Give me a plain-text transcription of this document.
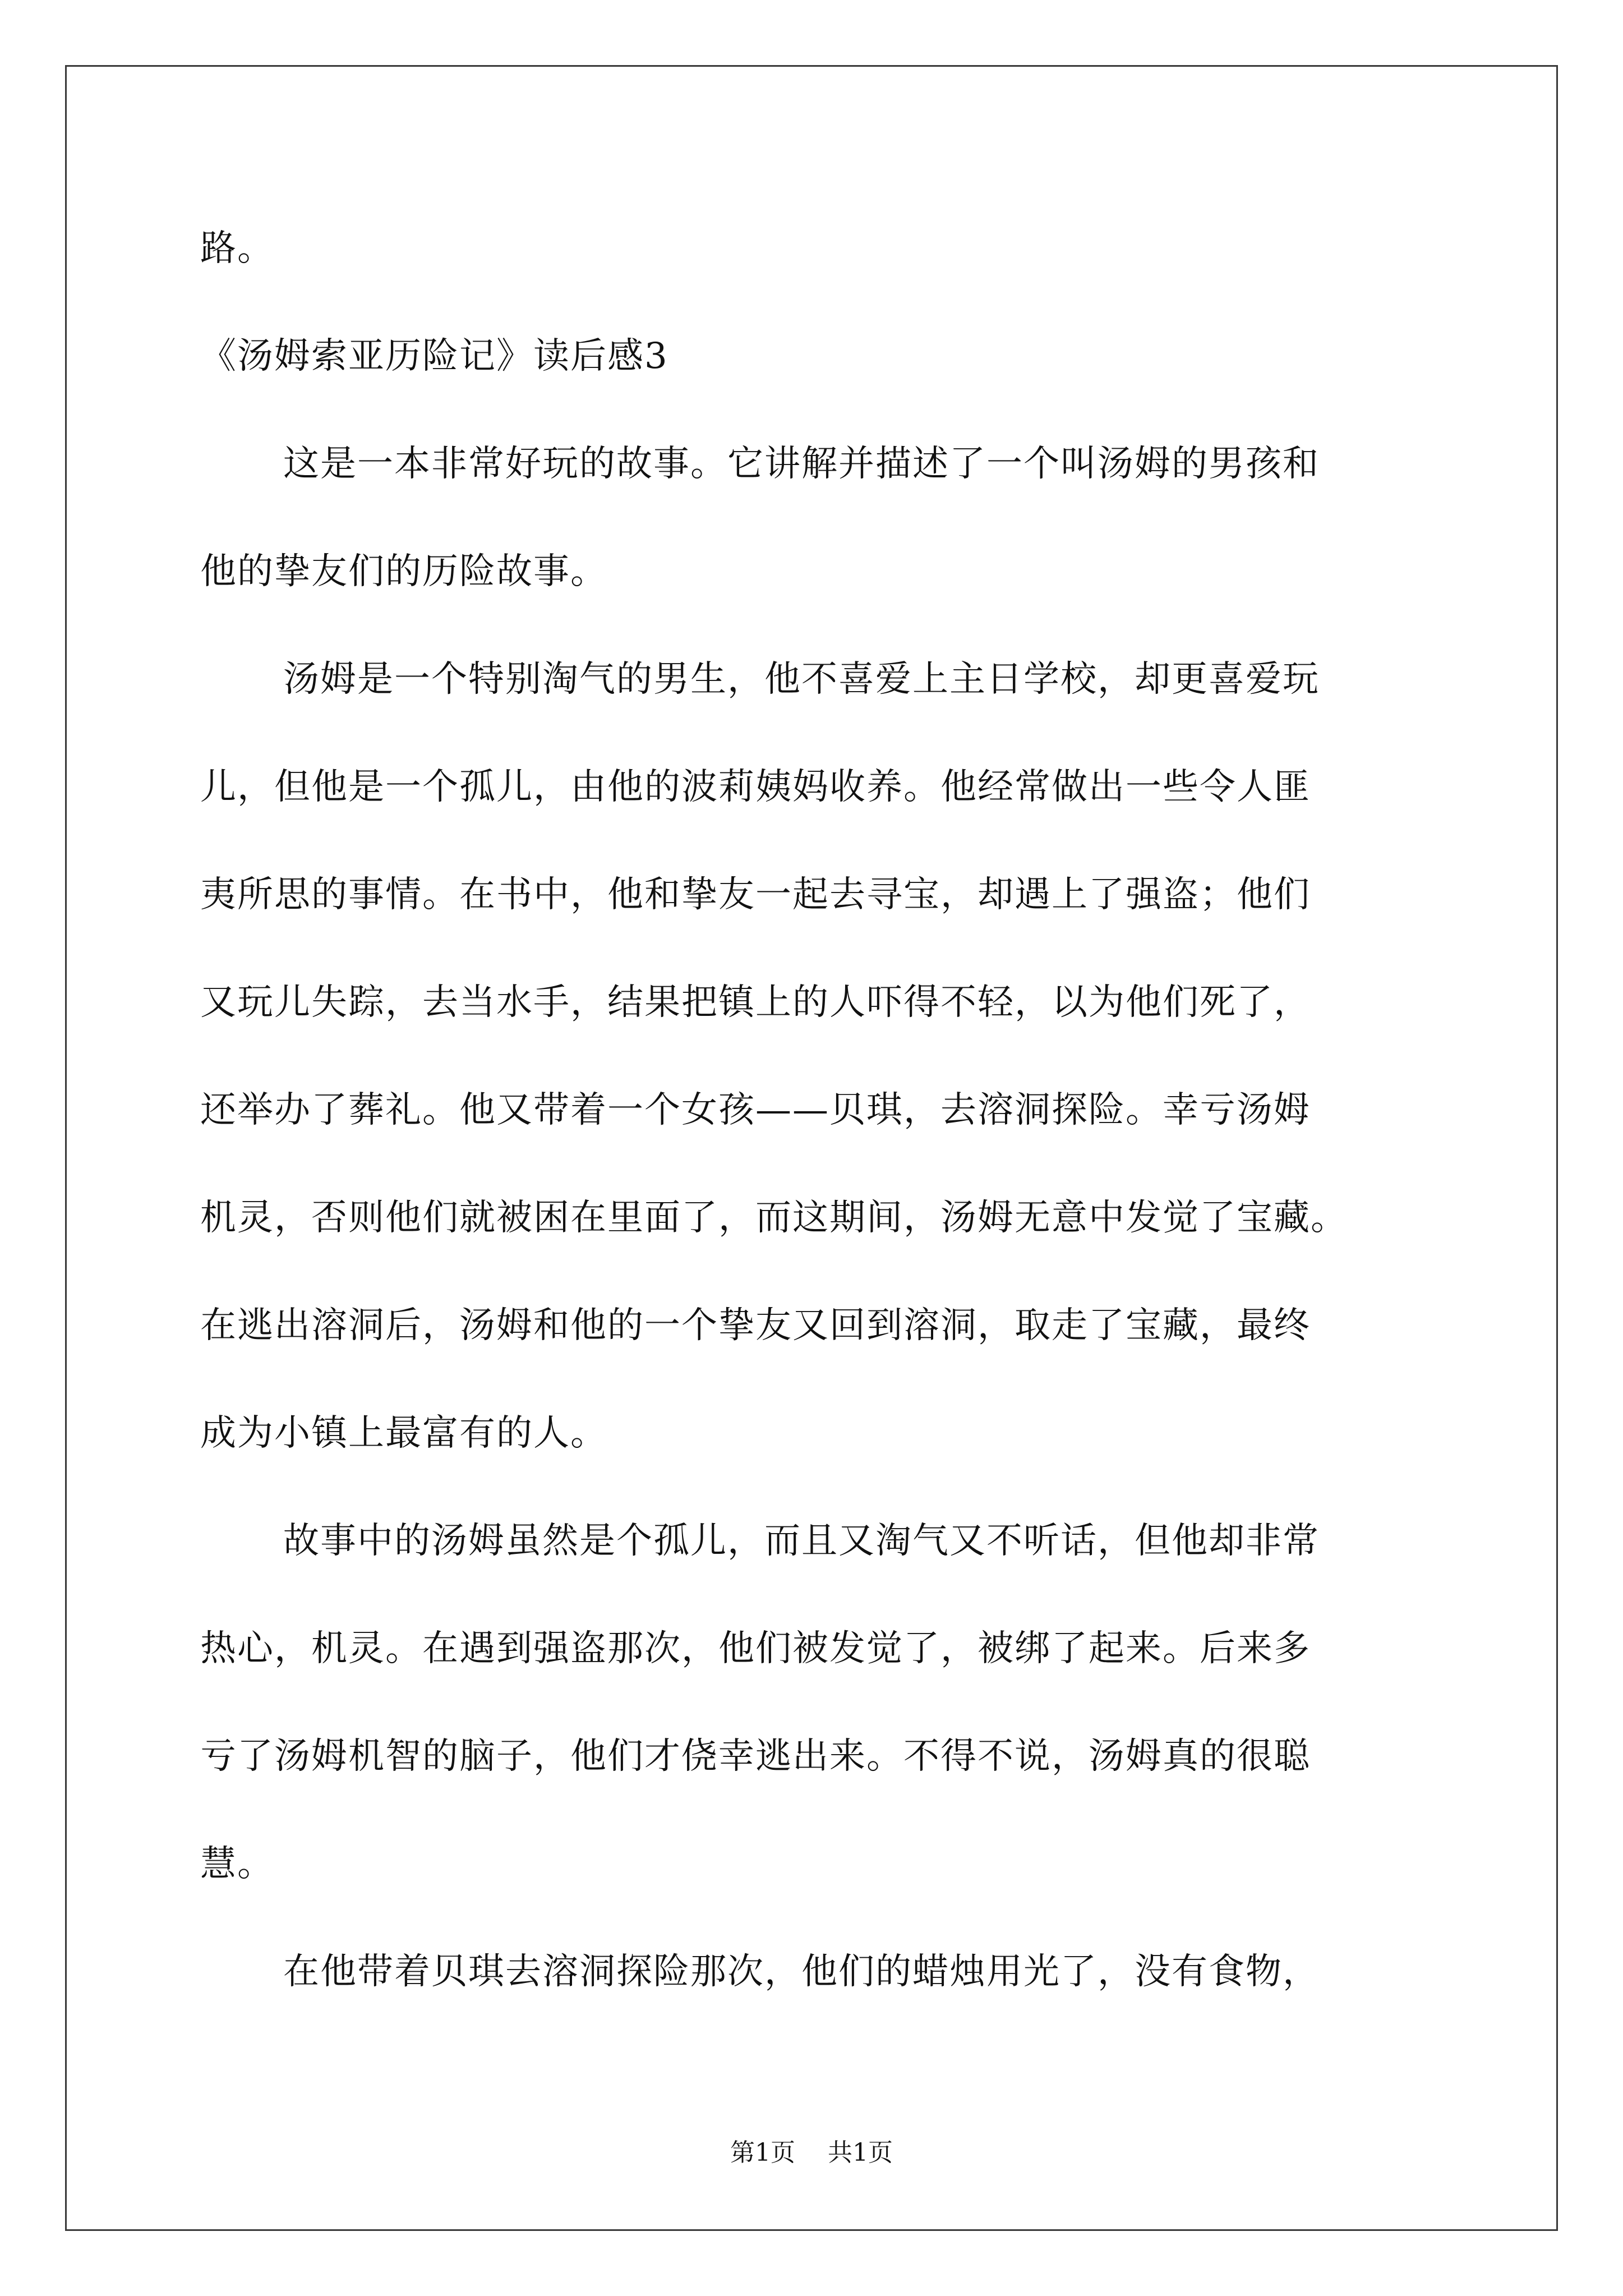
路。
《汤姆索亚历险记》读后感3
这是一本非常好玩的故事。它讲解并描述了一个叫汤姆的男孩和
他的挚友们的历险故事。
汤姆是一个特别淘气的男生，他不喜爱上主日学校，却更喜爱玩
儿，但他是一个孤儿，由他的波莉姨妈收养。他经常做出一些令人匪
夷所思的事情。在书中，他和挚友一起去寻宝，却遇上了强盗；他们
又玩儿失踪，去当水手，结果把镇上的人吓得不轻，以为他们死了，
还举办了葬礼。他又带着一个女孩——贝琪，去溶洞探险。幸亏汤姆
机灵，否则他们就被困在里面了，而这期间，汤姆无意中发觉了宝藏。
在逃出溶洞后，汤姆和他的一个挚友又回到溶洞，取走了宝藏，最终
成为小镇上最富有的人。
故事中的汤姆虽然是个孤儿，而且又淘气又不听话，但他却非常
热心，机灵。在遇到强盗那次，他们被发觉了，被绑了起来。后来多
亏了汤姆机智的脑子，他们才侥幸逃出来。不得不说，汤姆真的很聪
慧。
在他带着贝琪去溶洞探险那次，他们的蜡烛用光了，没有食物，
第1页 共1页
